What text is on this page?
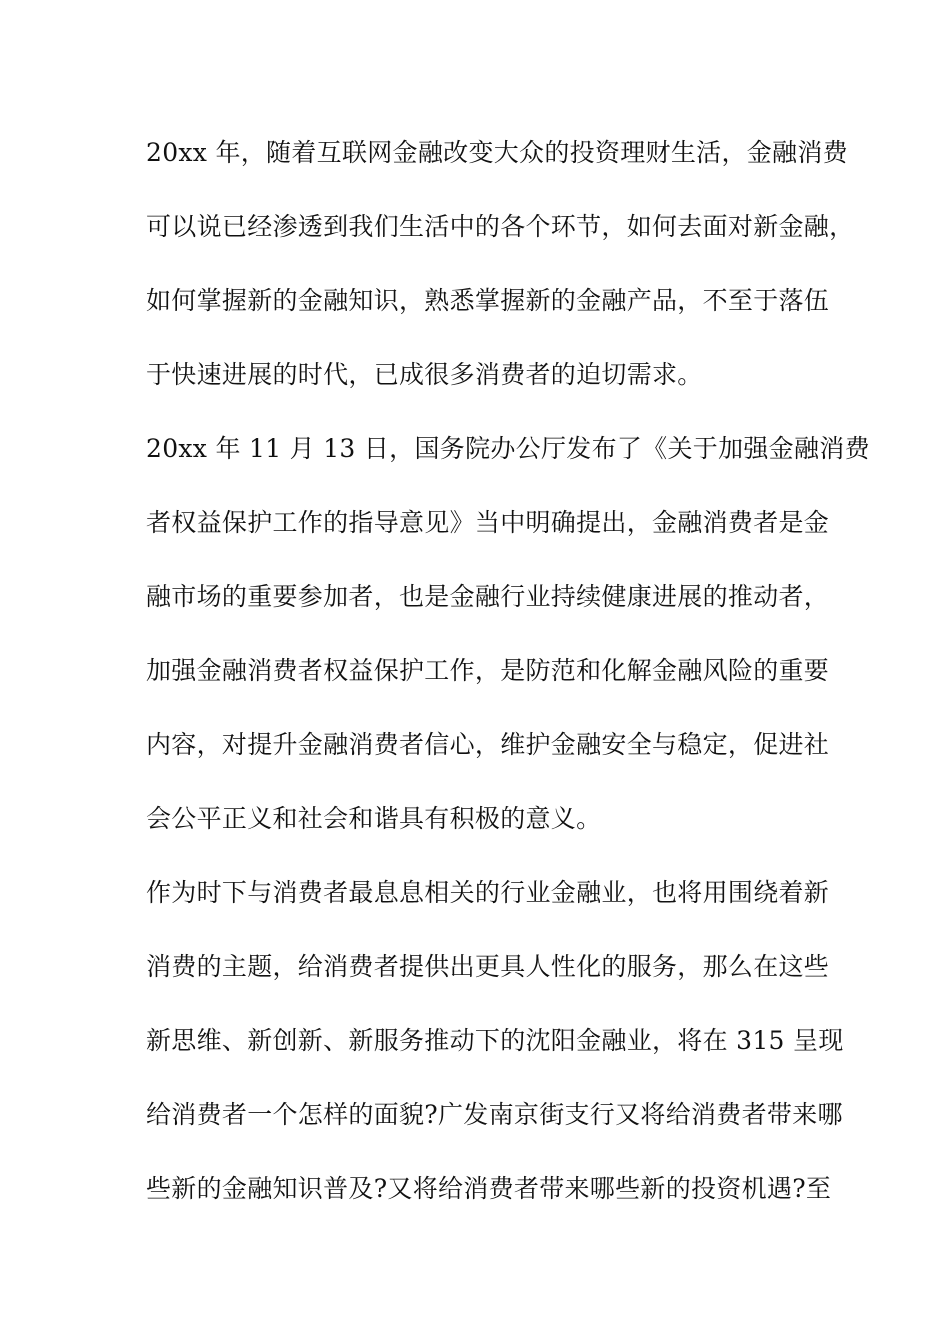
20xx 年，随着互联网金融改变大众的投资理财生活，金融消费
可以说已经渗透到我们生活中的各个环节，如何去面对新金融，
如何掌握新的金融知识，熟悉掌握新的金融产品，不至于落伍
于快速进展的时代，已成很多消费者的迫切需求。
20xx 年 11 月 13 日，国务院办公厅发布了《关于加强金融消费
者权益保护工作的指导意见》当中明确提出，金融消费者是金
融市场的重要参加者，也是金融行业持续健康进展的推动者，
加强金融消费者权益保护工作，是防范和化解金融风险的重要
内容，对提升金融消费者信心，维护金融安全与稳定，促进社
会公平正义和社会和谐具有积极的意义。
作为时下与消费者最息息相关的行业金融业，也将用围绕着新
消费的主题，给消费者提供出更具人性化的服务，那么在这些
新思维、新创新、新服务推动下的沈阳金融业，将在 315 呈现
给消费者一个怎样的面貌?广发南京街支行又将给消费者带来哪
些新的金融知识普及?又将给消费者带来哪些新的投资机遇?至
